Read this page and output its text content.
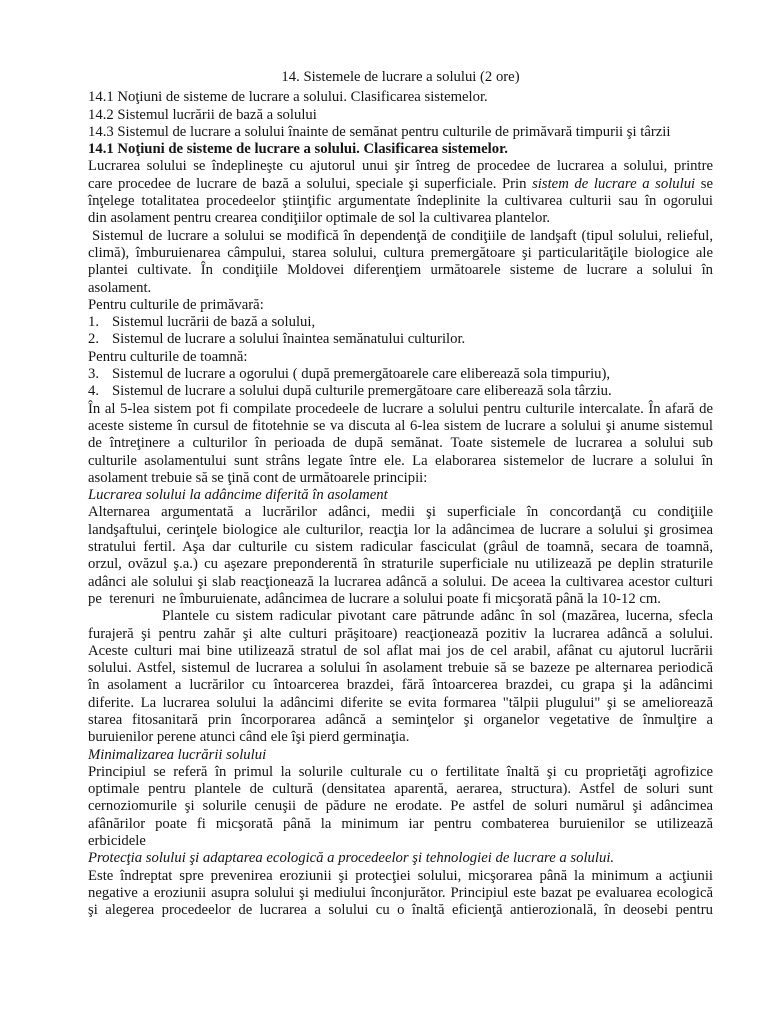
14. Sistemele de lucrare a solului (2 ore)
14.1 Noţiuni de sisteme de lucrare a solului. Clasificarea sistemelor.
14.2 Sistemul lucrării de bază a solului
14.3 Sistemul de lucrare a solului înainte de semănat pentru culturile de primăvară timpurii şi târzii
14.1 Noţiuni de sisteme de lucrare a solului. Clasificarea sistemelor.
Lucrarea solului se îndeplineşte cu ajutorul unui şir întreg de procedee de lucrarea a solului, printre
care procedee de lucrare de bază a solului, speciale şi superficiale. Prin sistem de lucrare a solului se
înţelege totalitatea procedeelor ştiinţific argumentate îndeplinite la cultivarea culturii sau în ogorului
din asolament pentru crearea condiţiilor optimale de sol la cultivarea plantelor.
Sistemul de lucrare a solului se modifică în dependenţă de condiţiile de landşaft (tipul solului, relieful,
climă), îmburuienarea câmpului, starea solului, cultura premergătoare şi particularităţile biologice ale
plantei cultivate. În condiţiile Moldovei diferenţiem următoarele sisteme de lucrare a solului în
asolament.
Pentru culturile de primăvară:
1. Sistemul lucrării de bază a solului,
2. Sistemul de lucrare a solului înaintea semănatului culturilor.
Pentru culturile de toamnă:
3. Sistemul de lucrare a ogorului ( după premergătoarele care eliberează sola timpuriu),
4. Sistemul de lucrare a solului după culturile premergătoare care eliberează sola târziu.
În al 5-lea sistem pot fi compilate procedeele de lucrare a solului pentru culturile intercalate. În afară de
aceste sisteme în cursul de fitotehnie se va discuta al 6-lea sistem de lucrare a solului şi anume sistemul
de întreţinere a culturilor în perioada de după semănat. Toate sistemele de lucrarea a solului sub
culturile asolamentului sunt strâns legate între ele. La elaborarea sistemelor de lucrare a solului în
asolament trebuie să se ţină cont de următoarele principii:
Lucrarea solului la adâncime diferită în asolament
Alternarea argumentată a lucrărilor adânci, medii şi superficiale în concordanţă cu condiţiile
landşaftului, cerinţele biologice ale culturilor, reacţia lor la adâncimea de lucrare a solului şi grosimea
stratului fertil. Aşa dar culturile cu sistem radicular fasciculat (grâul de toamnă, secara de toamnă,
orzul, ovăzul ş.a.) cu aşezare preponderentă în straturile superficiale nu utilizează pe deplin straturile
adânci ale solului şi slab reacţionează la lucrarea adâncă a solului. De aceea la cultivarea acestor culturi
pe  terenuri  ne îmburuienate, adâncimea de lucrare a solului poate fi micşorată până la 10-12 cm.
Plantele cu sistem radicular pivotant care pătrunde adânc în sol (mazărea, lucerna, sfecla
furajeră şi pentru zahăr şi alte culturi prăşitoare) reacţionează pozitiv la lucrarea adâncă a solului.
Aceste culturi mai bine utilizează stratul de sol aflat mai jos de cel arabil, afânat cu ajutorul lucrării
solului. Astfel, sistemul de lucrarea a solului în asolament trebuie să se bazeze pe alternarea periodică
în asolament a lucrărilor cu întoarcerea brazdei, fără întoarcerea brazdei, cu grapa şi la adâncimi
diferite. La lucrarea solului la adâncimi diferite se evita formarea "tălpii plugului" şi se ameliorează
starea fitosanitară prin încorporarea adâncă a seminţelor şi organelor vegetative de înmulţire a
buruienilor perene atunci când ele îşi pierd germinaţia.
Minimalizarea lucrării solului
Principiul se referă în primul la solurile culturale cu o fertilitate înaltă şi cu proprietăţi agrofizice
optimale pentru plantele de cultură (densitatea aparentă, aerarea, structura). Astfel de soluri sunt
cernoziomurile şi solurile cenuşii de pădure ne erodate. Pe astfel de soluri numărul şi adâncimea
afânărilor poate fi micşorată până la minimum iar pentru combaterea buruienilor se utilizează
erbicidele
Protecţia solului şi adaptarea ecologică a procedeelor şi tehnologiei de lucrare a solului.
Este îndreptat spre prevenirea eroziunii şi protecţiei solului, micşorarea până la minimum a acţiunii
negative a eroziunii asupra solului şi mediului înconjurător. Principiul este bazat pe evaluarea ecologică
şi alegerea procedeelor de lucrarea a solului cu o înaltă eficienţă antierozională, în deosebi pentru
